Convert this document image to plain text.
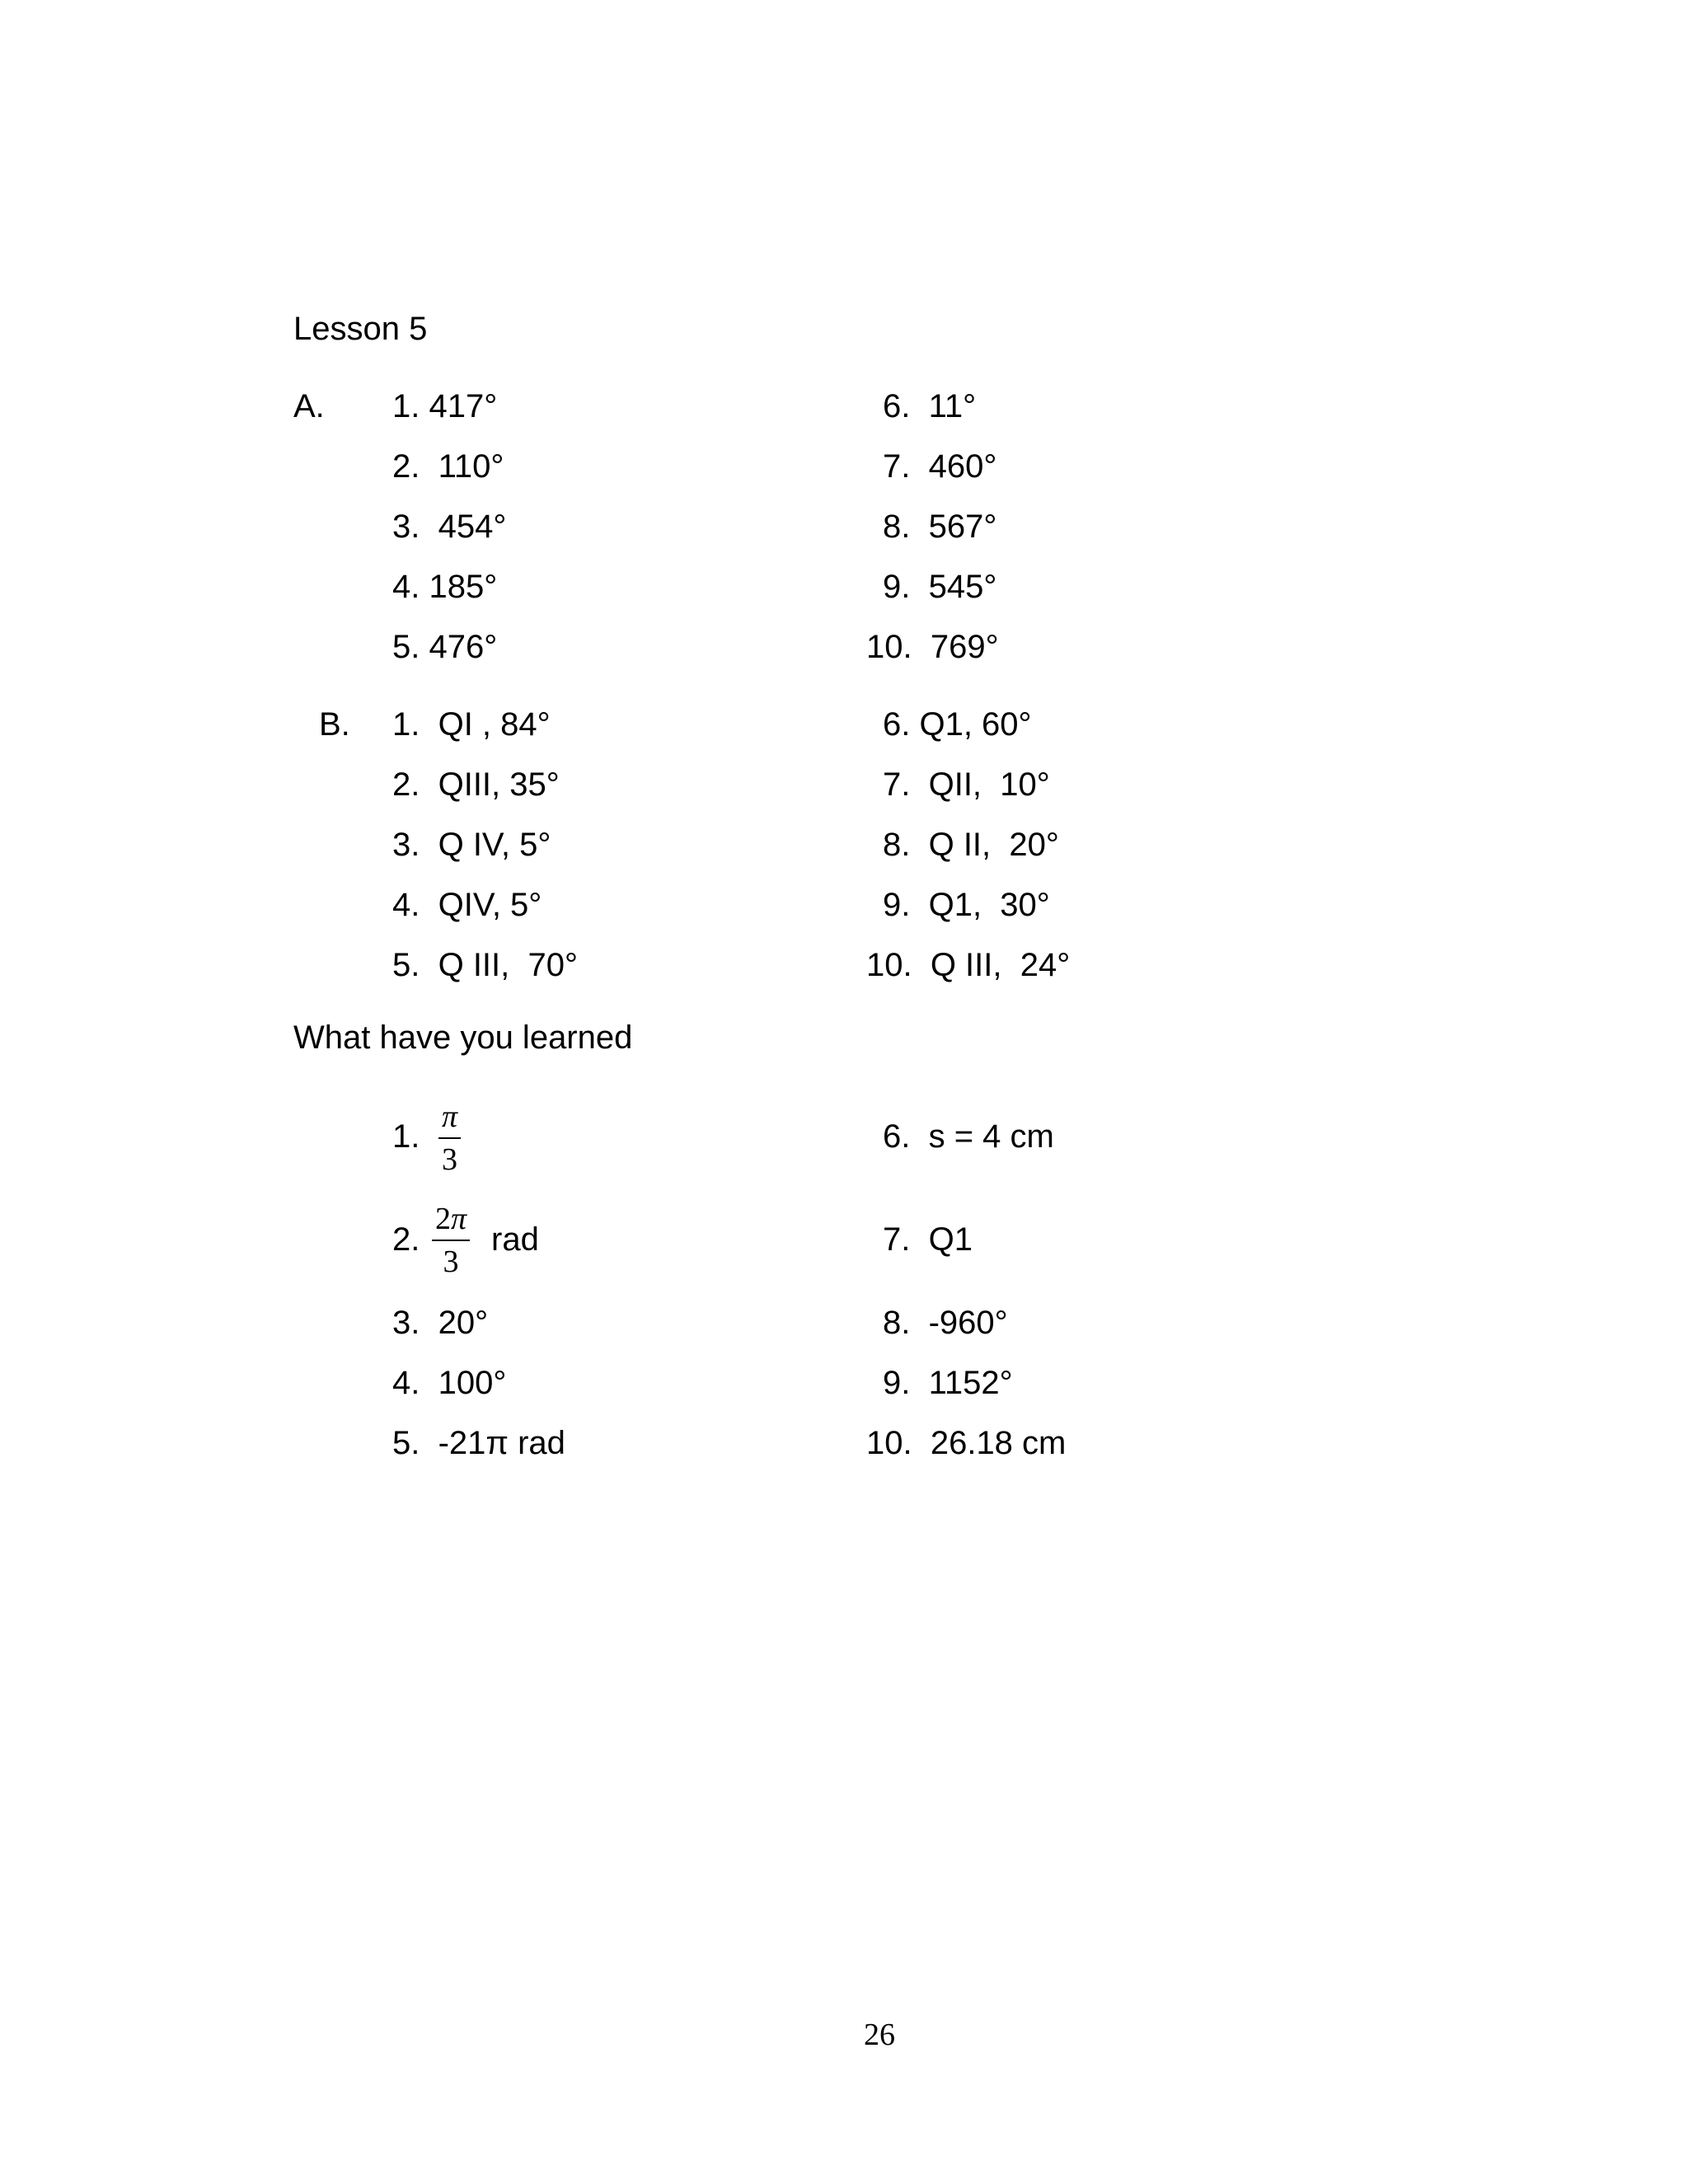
Lesson 5
A. 1. 417°
2.  110°
3.  454°
4. 185°
5. 476°
6.  11°
7.  460°
8.  567°
9.  545°
10.  769°
B. 1.  QI , 84°
2.  QIII, 35°
3.  Q IV, 5°
4.  QIV, 5°
5.  Q III,  70°
6. Q1, 60°
7.  QII,  10°
8.  Q II,  20°
9.  Q1,  30°
10.  Q III,  24°
What have you learned
1.
π
3
2.
2π
3
rad
3.  20°
4.  100°
5.  -21π rad
6.  s = 4 cm
7.  Q1
8.  -960°
9.  1152°
10.  26.18 cm
26
